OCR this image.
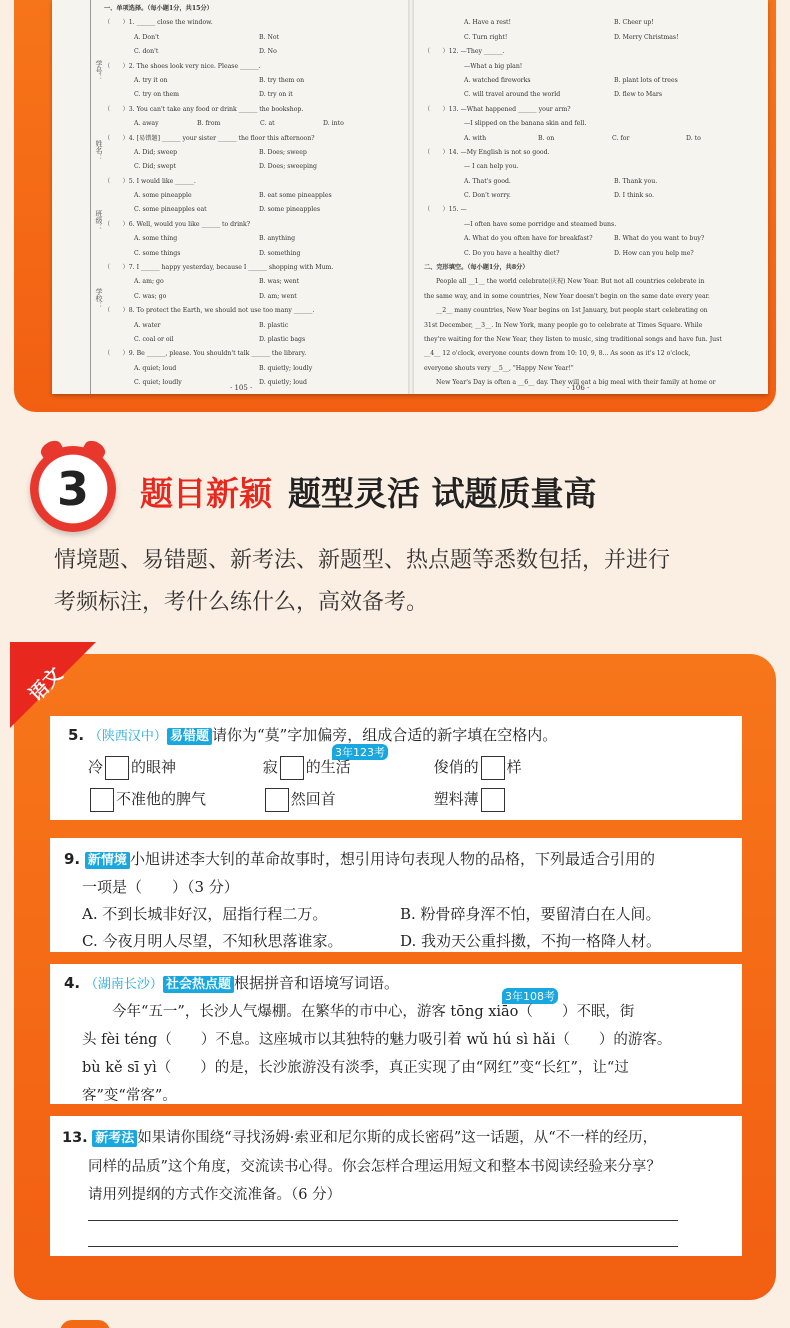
学号：
姓名：
班级：
学校：
一、单项选择。（每小题1分，共15分）
（　　）1. ______ close the window.
A. Don't	B. Not
C. don't	D. No
（　　）2. The shoes look very nice. Please ______.
A. try it on	B. try them on
C. try on them	D. try on it
（　　）3. You can't take any food or drink ______ the bookshop.
A. away	B. from	C. at	D. into
（　　）4. [易错题] ______ your sister ______ the floor this afternoon?
A. Did; sweep	B. Does; sweep
C. Did; swept	D. Does; sweeping
（　　）5. I would like ______.
A. some pineapple	B. eat some pineapples
C. some pineapples eat	D. some pineapples
（　　）6. Well, would you like ______ to drink?
A. some thing	B. anything
C. some things	D. something
（　　）7. I ______ happy yesterday, because I ______ shopping with Mum.
A. am; go	B. was; went
C. was; go	D. am; went
（　　）8. To protect the Earth, we should not use too many ______.
A. water	B. plastic
C. coal or oil	D. plastic bags
（　　）9. Be ______, please. You shouldn't talk ______ the library.
A. quiet; loud	B. quietly; loudly
C. quiet; loudly	D. quietly; loud
· 105 ·
A. Have a rest!	B. Cheer up!
C. Turn right!	D. Merry Christmas!
（　　）12. —They ______.
—What a big plan!
A. watched fireworks	B. plant lots of trees
C. will travel around the world	D. flew to Mars
（　　）13. —What happened ______ your arm?
—I slipped on the banana skin and fell.
A. with	B. on	C. for	D. to
（　　）14. —My English is not so good.
— I can help you.
A. That's good.	B. Thank you.
C. Don't worry.	D. I think so.
（　　）15. —
—I often have some porridge and steamed buns.
A. What do you often have for breakfast?	B. What do you want to buy?
C. Do you have a healthy diet?	D. How can you help me?
二、完形填空。（每小题1分，共8分）
People all __1__ the world celebrate(庆祝) New Year. But not all countries celebrate in
the same way, and in some countries, New Year doesn't begin on the same date every year.
__2__ many countries, New Year begins on 1st January, but people start celebrating on
31st December, __3__. In New York, many people go to celebrate at Times Square. While
they're waiting for the New Year, they listen to music, sing traditional songs and have fun. Just
__4__ 12 o'clock, everyone counts down from 10: 10, 9, 8... As soon as it's 12 o'clock,
everyone shouts very __5__, "Happy New Year!"
New Year's Day is often a __6__ day. They will eat a big meal with their family at home or
· 106 ·
3	题目新颖 题型灵活 试题质量高
情境题、易错题、新考法、新题型、热点题等悉数包括，并进行
考频标注，考什么练什么，高效备考。
语文
5. （陕西汉中） 易错题 请你为“莫”字加偏旁，组成合适的新字填在空格内。
3年123考
冷 的眼神	寂 的生活	俊俏的 样
不准他的脾气	然回首	塑料薄
9. 新情境 小旭讲述李大钊的革命故事时，想引用诗句表现人物的品格，下列最适合引用的
一项是（　　）（3 分）
A. 不到长城非好汉，屈指行程二万。	B. 粉骨碎身浑不怕，要留清白在人间。
C. 今夜月明人尽望，不知秋思落谁家。	D. 我劝天公重抖擞，不拘一格降人材。
4. （湖南长沙） 社会热点题 根据拼音和语境写词语。
3年108考
今年“五一”，长沙人气爆棚。在繁华的市中心，游客 tōng xiāo（　　）不眠，街
头 fèi téng（　　）不息。这座城市以其独特的魅力吸引着 wǔ hú sì hǎi（　　）的游客。
bù kě sī yì（　　）的是，长沙旅游没有淡季，真正实现了由“网红”变“长红”，让“过
客”变“常客”。
13. 新考法 如果请你围绕“寻找汤姆·索亚和尼尔斯的成长密码”这一话题，从“不一样的经历，
同样的品质”这个角度，交流读书心得。你会怎样合理运用短文和整本书阅读经验来分享？
请用列提纲的方式作交流准备。（6 分）
